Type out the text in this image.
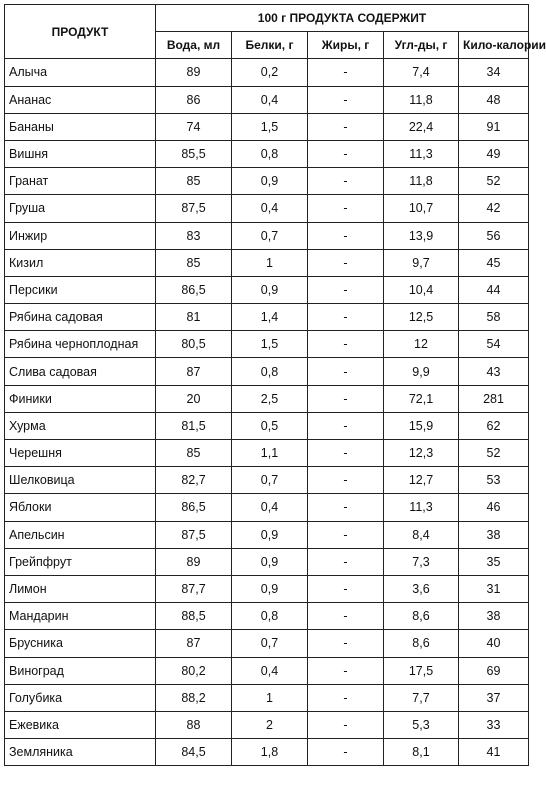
ПРОДУКТ	100 г ПРОДУКТА СОДЕРЖИТ				
	Вода, мл	Белки, г	Жиры, г	Угл-ды, г	Кило-калории
Алыча	89	0,2	-	7,4	34
Ананас	86	0,4	-	11,8	48
Бананы	74	1,5	-	22,4	91
Вишня	85,5	0,8	-	11,3	49
Гранат	85	0,9	-	11,8	52
Груша	87,5	0,4	-	10,7	42
Инжир	83	0,7	-	13,9	56
Кизил	85	1	-	9,7	45
Персики	86,5	0,9	-	10,4	44
Рябина садовая	81	1,4	-	12,5	58
Рябина черноплодная	80,5	1,5	-	12	54
Слива садовая	87	0,8	-	9,9	43
Финики	20	2,5	-	72,1	281
Хурма	81,5	0,5	-	15,9	62
Черешня	85	1,1	-	12,3	52
Шелковица	82,7	0,7	-	12,7	53
Яблоки	86,5	0,4	-	11,3	46
Апельсин	87,5	0,9	-	8,4	38
Грейпфрут	89	0,9	-	7,3	35
Лимон	87,7	0,9	-	3,6	31
Мандарин	88,5	0,8	-	8,6	38
Брусника	87	0,7	-	8,6	40
Виноград	80,2	0,4	-	17,5	69
Голубика	88,2	1	-	7,7	37
Ежевика	88	2	-	5,3	33
Земляника	84,5	1,8	-	8,1	41
